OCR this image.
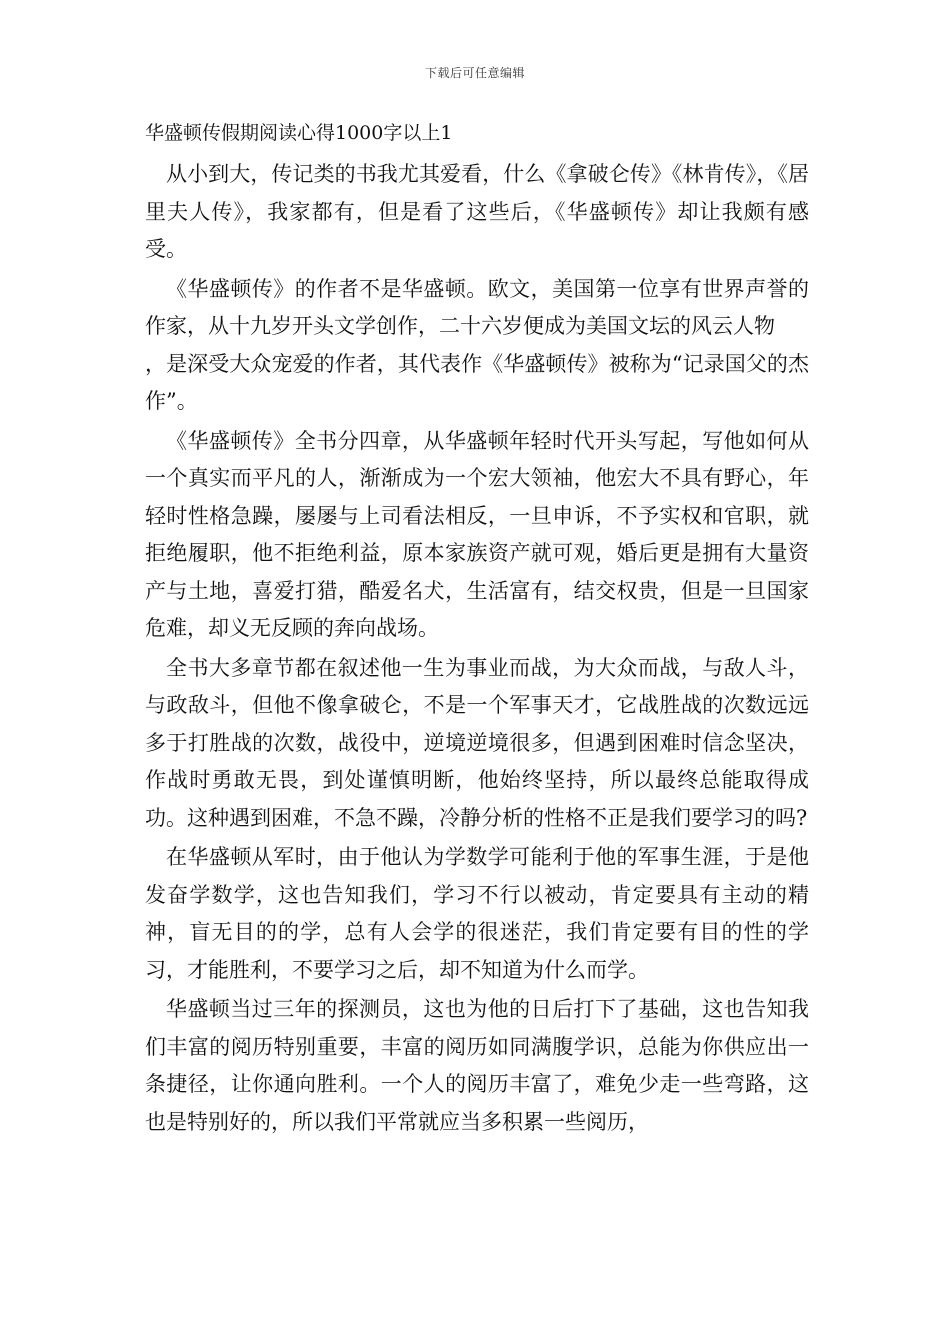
下载后可任意编辑
华盛顿传假期阅读心得1000字以上1

从小到大，传记类的书我尤其爱看，什么《拿破仑传》《林肯传》，《居里夫人传》，我家都有，但是看了这些后，《华盛顿传》却让我颇有感受。

《华盛顿传》的作者不是华盛顿。欧文，美国第一位享有世界声誉的作家，从十九岁开头文学创作，二十六岁便成为美国文坛的风云人物

，是深受大众宠爱的作者，其代表作《华盛顿传》被称为“记录国父的杰作”。

《华盛顿传》全书分四章，从华盛顿年轻时代开头写起，写他如何从一个真实而平凡的人，渐渐成为一个宏大领袖，他宏大不具有野心，年轻时性格急躁，屡屡与上司看法相反，一旦申诉，不予实权和官职，就拒绝履职，他不拒绝利益，原本家族资产就可观，婚后更是拥有大量资产与土地，喜爱打猎，酷爱名犬，生活富有，结交权贵，但是一旦国家危难，却义无反顾的奔向战场。

全书大多章节都在叙述他一生为事业而战，为大众而战，与敌人斗，与政敌斗，但他不像拿破仑，不是一个军事天才，它战胜战的次数远远多于打胜战的次数，战役中，逆境逆境很多，但遇到困难时信念坚决，作战时勇敢无畏，到处谨慎明断，他始终坚持，所以最终总能取得成功。这种遇到困难，不急不躁，冷静分析的性格不正是我们要学习的吗?

在华盛顿从军时，由于他认为学数学可能利于他的军事生涯，于是他发奋学数学，这也告知我们，学习不行以被动，肯定要具有主动的精神，盲无目的的学，总有人会学的很迷茫，我们肯定要有目的性的学习，才能胜利，不要学习之后，却不知道为什么而学。

华盛顿当过三年的探测员，这也为他的日后打下了基础，这也告知我们丰富的阅历特别重要，丰富的阅历如同满腹学识，总能为你供应出一条捷径，让你通向胜利。一个人的阅历丰富了，难免少走一些弯路，这也是特别好的，所以我们平常就应当多积累一些阅历，
